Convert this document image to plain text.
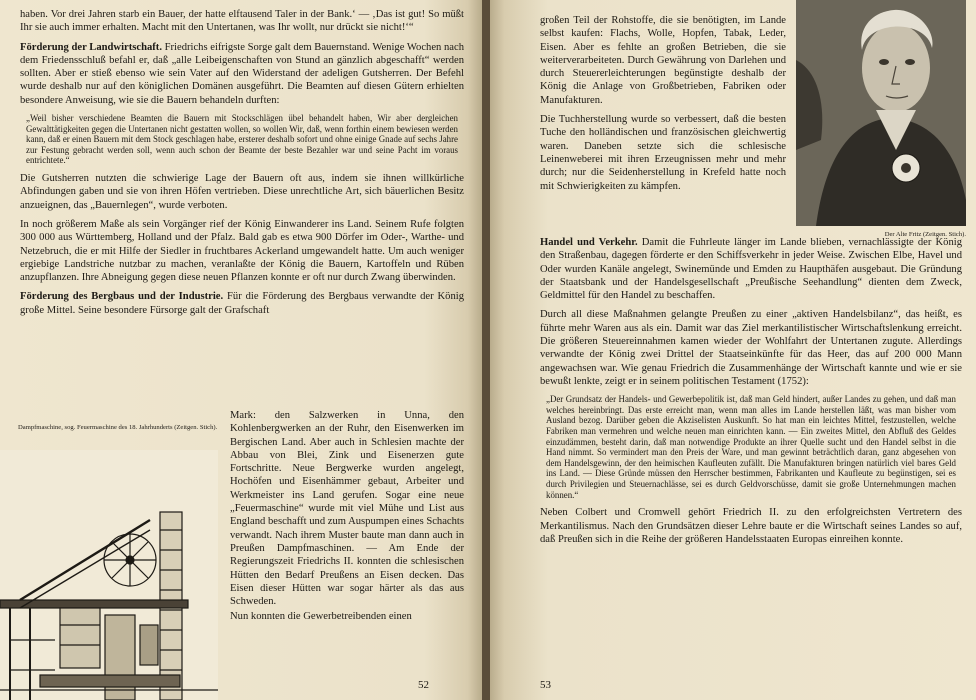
haben. Vor drei Jahren starb ein Bauer, der hatte elftausend Taler in der Bank.‘ — ‚Das ist gut! So müßt Ihr sie auch immer erhalten. Macht mit den Untertanen, was Ihr wollt, nur drückt sie nicht!‘“

Förderung der Landwirtschaft. Friedrichs eifrigste Sorge galt dem Bauernstand. Wenige Wochen nach dem Friedensschluß befahl er, daß „alle Leibeigenschaften von Stund an gänzlich abgeschafft“ werden sollten. Aber er stieß ebenso wie sein Vater auf den Widerstand der adeligen Gutsherren. Der Befehl wurde deshalb nur auf den königlichen Domänen ausgeführt. Die Beamten auf diesen Gütern erhielten besondere Anweisung, wie sie die Bauern behandeln durften:

„Weil bisher verschiedene Beamten die Bauern mit Stockschlägen übel behandelt haben, Wir aber dergleichen Gewalttätigkeiten gegen die Untertanen nicht gestatten wollen, so wollen Wir, daß, wenn forthin einem bewiesen werden kann, daß er einen Bauern mit dem Stock geschlagen habe, ersterer deshalb sofort und ohne einige Gnade auf sechs Jahre zur Festung gebracht werden soll, wenn auch schon der Beamte der beste Bezahler war und seine Pacht im voraus entrichtete.“

Die Gutsherren nutzten die schwierige Lage der Bauern oft aus, indem sie ihnen willkürliche Abfindungen gaben und sie von ihren Höfen vertrieben. Diese unrechtliche Art, sich bäuerlichen Besitz anzueignen, das „Bauernlegen“, wurde verboten.

In noch größerem Maße als sein Vorgänger rief der König Einwanderer ins Land. Seinem Rufe folgten 300 000 aus Württemberg, Holland und der Pfalz. Bald gab es etwa 900 Dörfer im Oder-, Warthe- und Netzebruch, die er mit Hilfe der Siedler in fruchtbares Ackerland umgewandelt hatte. Um auch weniger ergiebige Landstriche nutzbar zu machen, veranlaßte der König die Bauern, Kartoffeln und Rüben anzupflanzen. Ihre Abneigung gegen diese neuen Pflanzen konnte er oft nur durch Zwang überwinden.

Förderung des Bergbaus und der Industrie. Für die Förderung des Bergbaus verwandte der König große Mittel. Seine besondere Fürsorge galt der Grafschaft

Mark: den Salzwerken in Unna, den Kohlenbergwerken an der Ruhr, den Eisenwerken im Bergischen Land. Aber auch in Schlesien machte der Abbau von Blei, Zink und Eisenerzen gute Fortschritte. Neue Bergwerke wurden angelegt, Hochöfen und Eisenhämmer gebaut, Arbeiter und Werkmeister ins Land gerufen. Sogar eine neue „Feuermaschine“ wurde mit viel Mühe und List aus England beschafft und zum Auspumpen eines Schachts verwandt. Nach ihrem Muster baute man dann auch in Preußen Dampfmaschinen. — Am Ende der Regierungszeit Friedrichs II. konnten die schlesischen Hütten den Bedarf Preußens an Eisen decken. Das Eisen dieser Hütten war sogar härter als das aus Schweden.

Nun konnten die Gewerbetreibenden einen

Dampfmaschine, sog. Feuermaschine des 18. Jahrhunderts (Zeitgen. Stich).
52

großen Teil der Rohstoffe, die sie benötigten, im Lande selbst kaufen: Flachs, Wolle, Hopfen, Tabak, Leder, Eisen. Aber es fehlte an großen Betrieben, die sie weiterverarbeiteten. Durch Gewährung von Darlehen und durch Steuererleichterungen begünstigte deshalb der König die Anlage von Großbetrieben, Fabriken oder Manufakturen.

Die Tuchherstellung wurde so verbessert, daß die besten Tuche den holländischen und französischen gleichwertig waren. Daneben setzte sich die schlesische Leinenweberei mit ihren Erzeugnissen mehr und mehr durch; nur die Seidenherstellung in Krefeld hatte noch mit Schwierigkeiten zu kämpfen.

Der Alte Fritz (Zeitgen. Stich).

Handel und Verkehr. Damit die Fuhrleute länger im Lande blieben, vernachlässigte der König den Straßenbau, dagegen förderte er den Schiffsverkehr in jeder Weise. Zwischen Elbe, Havel und Oder wurden Kanäle angelegt, Swinemünde und Emden zu Haupthäfen ausgebaut. Die Gründung der Staatsbank und der Handelsgesellschaft „Preußische Seehandlung“ dienten dem Zweck, Geldmittel für den Handel zu beschaffen.

Durch all diese Maßnahmen gelangte Preußen zu einer „aktiven Handelsbilanz“, das heißt, es führte mehr Waren aus als ein. Damit war das Ziel merkantilistischer Wirtschaftslenkung erreicht. Die größeren Steuereinnahmen kamen wieder der Wohlfahrt der Untertanen zugute. Allerdings verwandte der König zwei Drittel der Staatseinkünfte für das Heer, das auf 200 000 Mann angewachsen war. Wie genau Friedrich die Zusammenhänge der Wirtschaft kannte und wie er sie bewußt lenkte, zeigt er in seinem politischen Testament (1752):

„Der Grundsatz der Handels- und Gewerbepolitik ist, daß man Geld hindert, außer Landes zu gehen, und daß man welches hereinbringt. Das erste erreicht man, wenn man alles im Lande herstellen läßt, was man bisher vom Ausland bezog. Darüber geben die Akziselisten Auskunft. So hat man ein leichtes Mittel, festzustellen, welche Fabriken man vermehren und welche neuen man einrichten kann. — Ein zweites Mittel, den Abfluß des Geldes einzudämmen, besteht darin, daß man notwendige Produkte an ihrer Quelle sucht und den Handel selbst in die Hand nimmt. So vermindert man den Preis der Ware, und man gewinnt beträchtlich daran, ganz abgesehen von dem Handelsgewinn, der den heimischen Kaufleuten zufällt. Die Manufakturen bringen natürlich viel bares Geld ins Land. — Diese Gründe müssen den Herrscher bestimmen, Fabrikanten und Kaufleute zu begünstigen, sei es durch Privilegien und Steuernachlässe, sei es durch Geldvorschüsse, damit sie große Unternehmungen machen können.“

Neben Colbert und Cromwell gehört Friedrich II. zu den erfolgreichsten Vertretern des Merkantilismus. Nach den Grundsätzen dieser Lehre baute er die Wirtschaft seines Landes so auf, daß Preußen sich in die Reihe der größeren Handelsstaaten Europas einreihen konnte.

53
